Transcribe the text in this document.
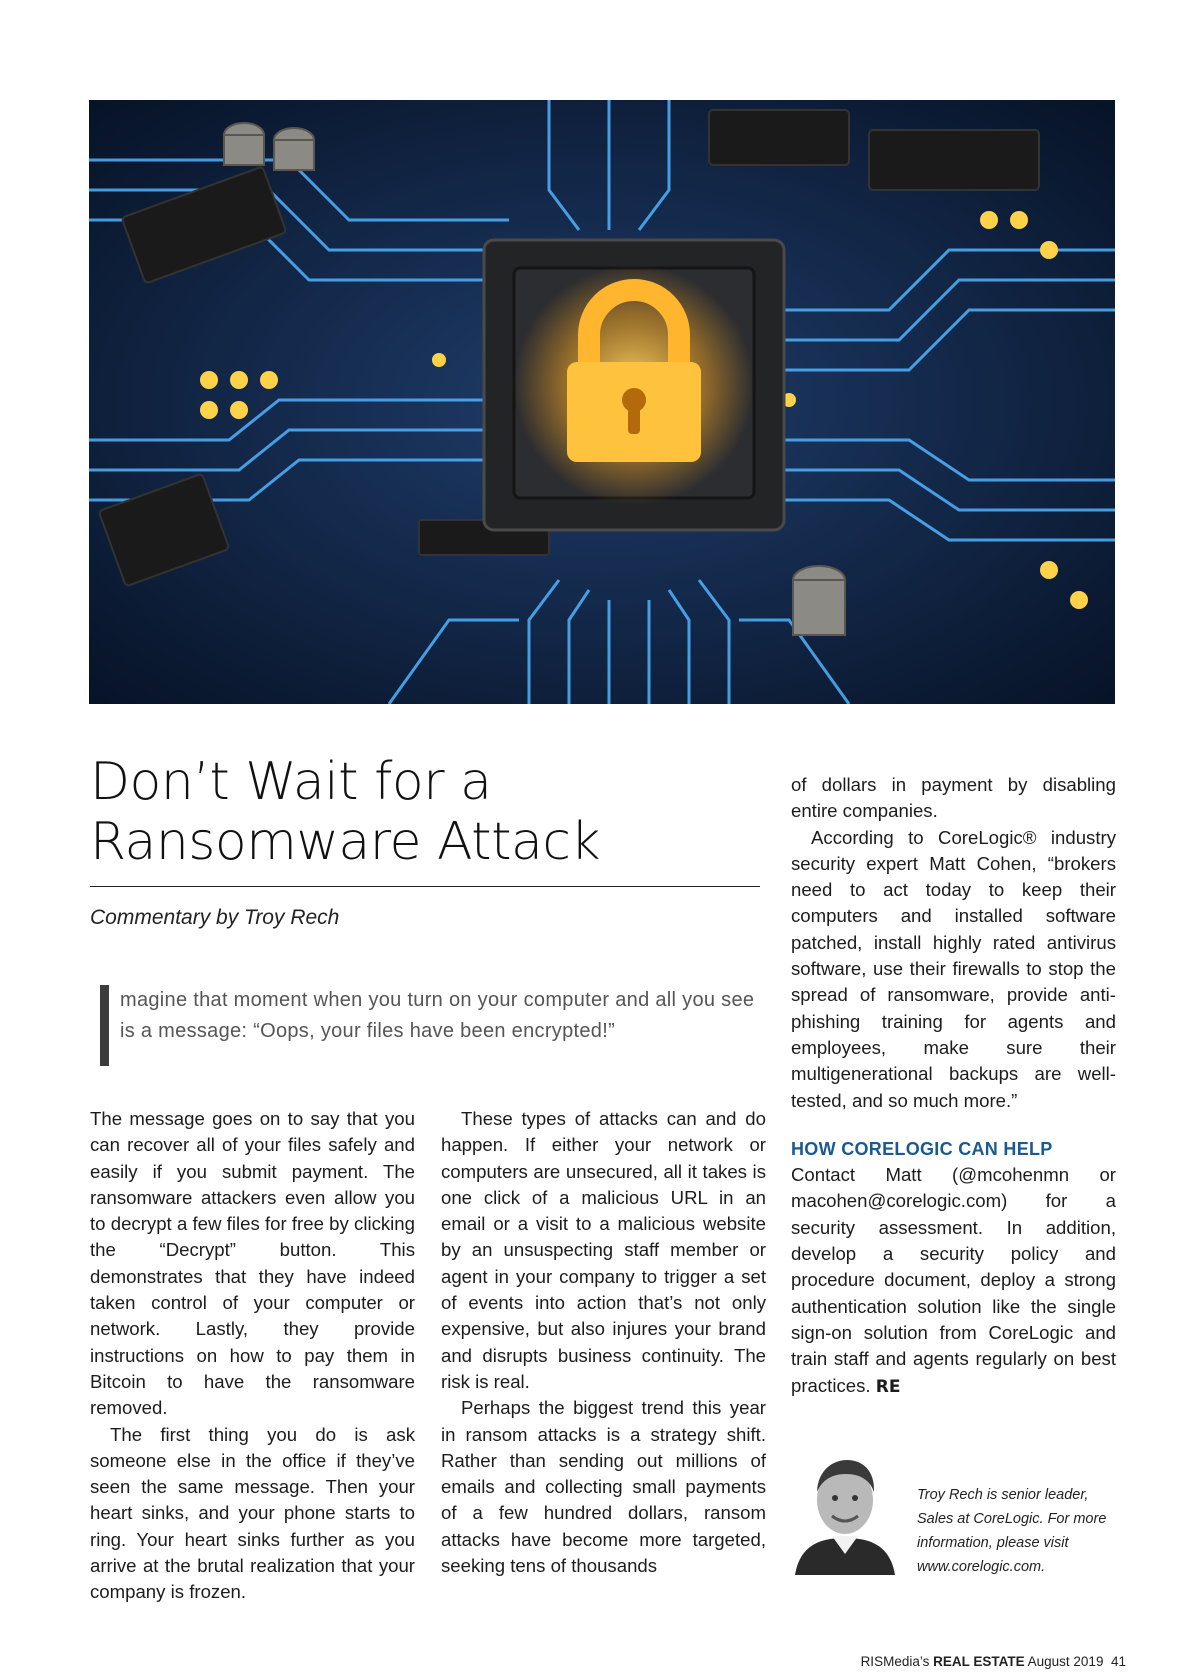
Don’t Wait for a
Ransomware Attack
Commentary by Troy Rech

magine that moment when you turn on your computer and all you see is a message: “Oops, your files have been encrypted!”

The message goes on to say that you can recover all of your files safely and easily if you submit payment. The ransomware attackers even allow you to decrypt a few files for free by clicking the “Decrypt” button. This demonstrates that they have indeed taken control of your computer or network. Lastly, they provide instructions on how to pay them in Bitcoin to have the ransomware removed.

The first thing you do is ask someone else in the office if they’ve seen the same message. Then your heart sinks, and your phone starts to ring. Your heart sinks further as you arrive at the brutal realization that your company is frozen.

These types of attacks can and do happen. If either your network or computers are unsecured, all it takes is one click of a malicious URL in an email or a visit to a malicious website by an unsuspecting staff member or agent in your company to trigger a set of events into action that’s not only expensive, but also injures your brand and disrupts business continuity. The risk is real.

Perhaps the biggest trend this year in ransom attacks is a strategy shift. Rather than sending out millions of emails and collecting small payments of a few hundred dollars, ransom attacks have become more targeted, seeking tens of thousands

of dollars in payment by disabling entire companies.

According to CoreLogic® industry security expert Matt Cohen, “brokers need to act today to keep their computers and installed software patched, install highly rated antivirus software, use their firewalls to stop the spread of ransomware, provide anti-phishing training for agents and employees, make sure their multigenerational backups are well-tested, and so much more.”

HOW CORELOGIC CAN HELP

Contact Matt (@mcohenmn or macohen@corelogic.com) for a security assessment. In addition, develop a security policy and procedure document, deploy a strong authentication solution like the single sign-on solution from CoreLogic and train staff and agents regularly on best practices. RE

Troy Rech is senior leader, Sales at CoreLogic. For more information, please visit www.corelogic.com.

RISMedia’s REAL ESTATE August 2019 41
